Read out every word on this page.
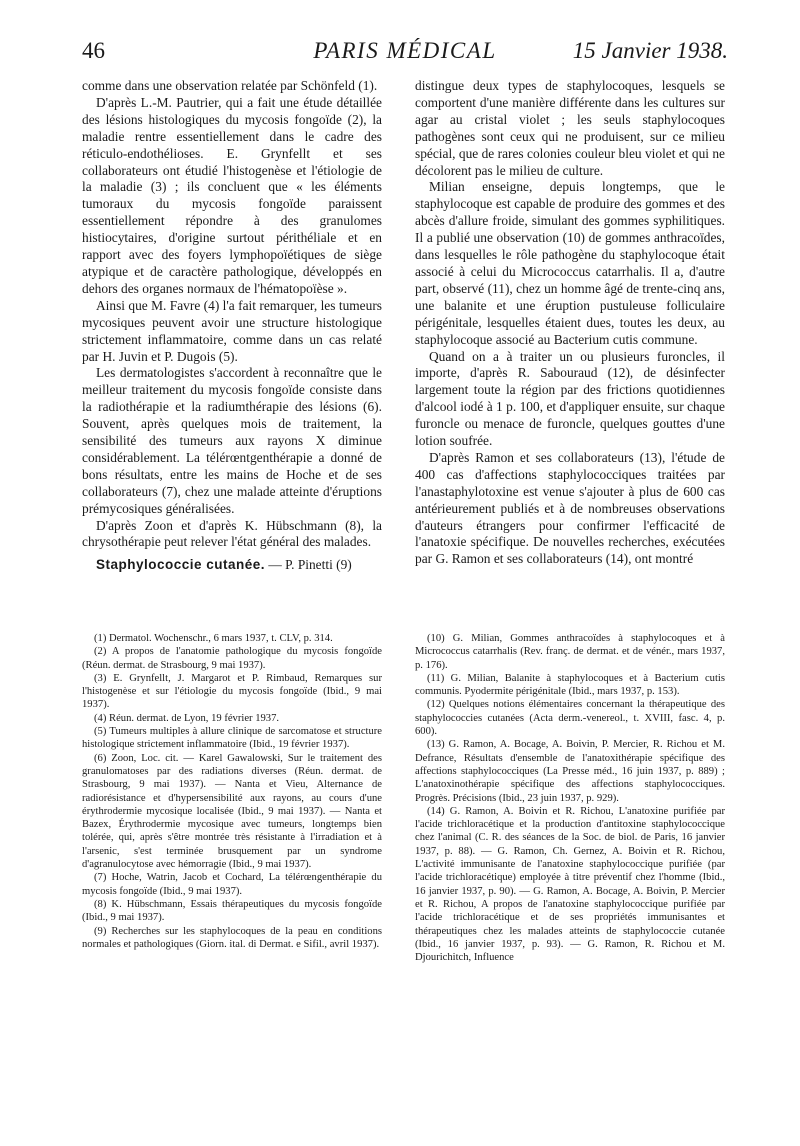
46	PARIS MÉDICAL	15 Janvier 1938.

comme dans une observation relatée par Schönfeld (1).

D'après L.-M. Pautrier, qui a fait une étude détaillée des lésions histologiques du mycosis fongoïde (2), la maladie rentre essentiellement dans le cadre des réticulo-endothélioses. E. Grynfellt et ses collaborateurs ont étudié l'histogenèse et l'étiologie de la maladie (3) ; ils concluent que « les éléments tumoraux du mycosis fongoïde paraissent essentiellement répondre à des granulomes histiocytaires, d'origine surtout périthéliale et en rapport avec des foyers lymphopoïétiques de siège atypique et de caractère pathologique, développés en dehors des organes normaux de l'hématopoïèse ».

Ainsi que M. Favre (4) l'a fait remarquer, les tumeurs mycosiques peuvent avoir une structure histologique strictement inflammatoire, comme dans un cas relaté par H. Juvin et P. Dugois (5).

Les dermatologistes s'accordent à reconnaître que le meilleur traitement du mycosis fongoïde consiste dans la radiothérapie et la radiumthérapie des lésions (6). Souvent, après quelques mois de traitement, la sensibilité des tumeurs aux rayons X diminue considérablement. La télérœntgenthérapie a donné de bons résultats, entre les mains de Hoche et de ses collaborateurs (7), chez une malade atteinte d'éruptions prémycosiques généralisées.

D'après Zoon et d'après K. Hübschmann (8), la chrysothérapie peut relever l'état général des malades.

Staphylococcie cutanée. — P. Pinetti (9)

distingue deux types de staphylocoques, lesquels se comportent d'une manière différente dans les cultures sur agar au cristal violet ; les seuls staphylocoques pathogènes sont ceux qui ne produisent, sur ce milieu spécial, que de rares colonies couleur bleu violet et qui ne décolorent pas le milieu de culture.

Milian enseigne, depuis longtemps, que le staphylocoque est capable de produire des gommes et des abcès d'allure froide, simulant des gommes syphilitiques. Il a publié une observation (10) de gommes anthracoïdes, dans lesquelles le rôle pathogène du staphylocoque était associé à celui du Micrococcus catarrhalis. Il a, d'autre part, observé (11), chez un homme âgé de trente-cinq ans, une balanite et une éruption pustuleuse folliculaire périgénitale, lesquelles étaient dues, toutes les deux, au staphylocoque associé au Bacterium cutis commune.

Quand on a à traiter un ou plusieurs furoncles, il importe, d'après R. Sabouraud (12), de désinfecter largement toute la région par des frictions quotidiennes d'alcool iodé à 1 p. 100, et d'appliquer ensuite, sur chaque furoncle ou menace de furoncle, quelques gouttes d'une lotion soufrée.

D'après Ramon et ses collaborateurs (13), l'étude de 400 cas d'affections staphylococciques traitées par l'anastaphylotoxine est venue s'ajouter à plus de 600 cas antérieurement publiés et à de nombreuses observations d'auteurs étrangers pour confirmer l'efficacité de l'anatoxie spécifique. De nouvelles recherches, exécutées par G. Ramon et ses collaborateurs (14), ont montré

(1) Dermatol. Wochenschr., 6 mars 1937, t. CLV, p. 314.

(2) A propos de l'anatomie pathologique du mycosis fongoïde (Réun. dermat. de Strasbourg, 9 mai 1937).

(3) E. Grynfellt, J. Margarot et P. Rimbaud, Remarques sur l'histogenèse et sur l'étiologie du mycosis fongoïde (Ibid., 9 mai 1937).

(4) Réun. dermat. de Lyon, 19 février 1937.

(5) Tumeurs multiples à allure clinique de sarcomatose et structure histologique strictement inflammatoire (Ibid., 19 février 1937).

(6) Zoon, Loc. cit. — Karel Gawalowski, Sur le traitement des granulomatoses par des radiations diverses (Réun. dermat. de Strasbourg, 9 mai 1937). — Nanta et Vieu, Alternance de radiorésistance et d'hypersensibilité aux rayons, au cours d'une érythrodermie mycosique localisée (Ibid., 9 mai 1937). — Nanta et Bazex, Érythrodermie mycosique avec tumeurs, longtemps bien tolérée, qui, après s'être montrée très résistante à l'irradiation et à l'arsenic, s'est terminée brusquement par un syndrome d'agranulocytose avec hémorragie (Ibid., 9 mai 1937).

(7) Hoche, Watrin, Jacob et Cochard, La télérœngenthérapie du mycosis fongoïde (Ibid., 9 mai 1937).

(8) K. Hübschmann, Essais thérapeutiques du mycosis fongoïde (Ibid., 9 mai 1937).

(9) Recherches sur les staphylocoques de la peau en conditions normales et pathologiques (Giorn. ital. di Dermat. e Sifil., avril 1937).

(10) G. Milian, Gommes anthracoïdes à staphylocoques et à Micrococcus catarrhalis (Rev. franç. de dermat. et de vénér., mars 1937, p. 176).

(11) G. Milian, Balanite à staphylocoques et à Bacterium cutis communis. Pyodermite périgénitale (Ibid., mars 1937, p. 153).

(12) Quelques notions élémentaires concernant la thérapeutique des staphylococcies cutanées (Acta derm.-venereol., t. XVIII, fasc. 4, p. 600).

(13) G. Ramon, A. Bocage, A. Boivin, P. Mercier, R. Richou et M. Defrance, Résultats d'ensemble de l'anatoxithérapie spécifique des affections staphylococciques (La Presse méd., 16 juin 1937, p. 889) ; L'anatoxinothérapie spécifique des affections staphylococciques. Progrès. Précisions (Ibid., 23 juin 1937, p. 929).

(14) G. Ramon, A. Boivin et R. Richou, L'anatoxine purifiée par l'acide trichloracétique et la production d'antitoxine staphylococcique chez l'animal (C. R. des séances de la Soc. de biol. de Paris, 16 janvier 1937, p. 88). — G. Ramon, Ch. Gernez, A. Boivin et R. Richou, L'activité immunisante de l'anatoxine staphylococcique purifiée (par l'acide trichloracétique) employée à titre préventif chez l'homme (Ibid., 16 janvier 1937, p. 90). — G. Ramon, A. Bocage, A. Boivin, P. Mercier et R. Richou, A propos de l'anatoxine staphylococcique purifiée par l'acide trichloracétique et de ses propriétés immunisantes et thérapeutiques chez les malades atteints de staphylococcie cutanée (Ibid., 16 janvier 1937, p. 93). — G. Ramon, R. Richou et M. Djourichitch, Influence
